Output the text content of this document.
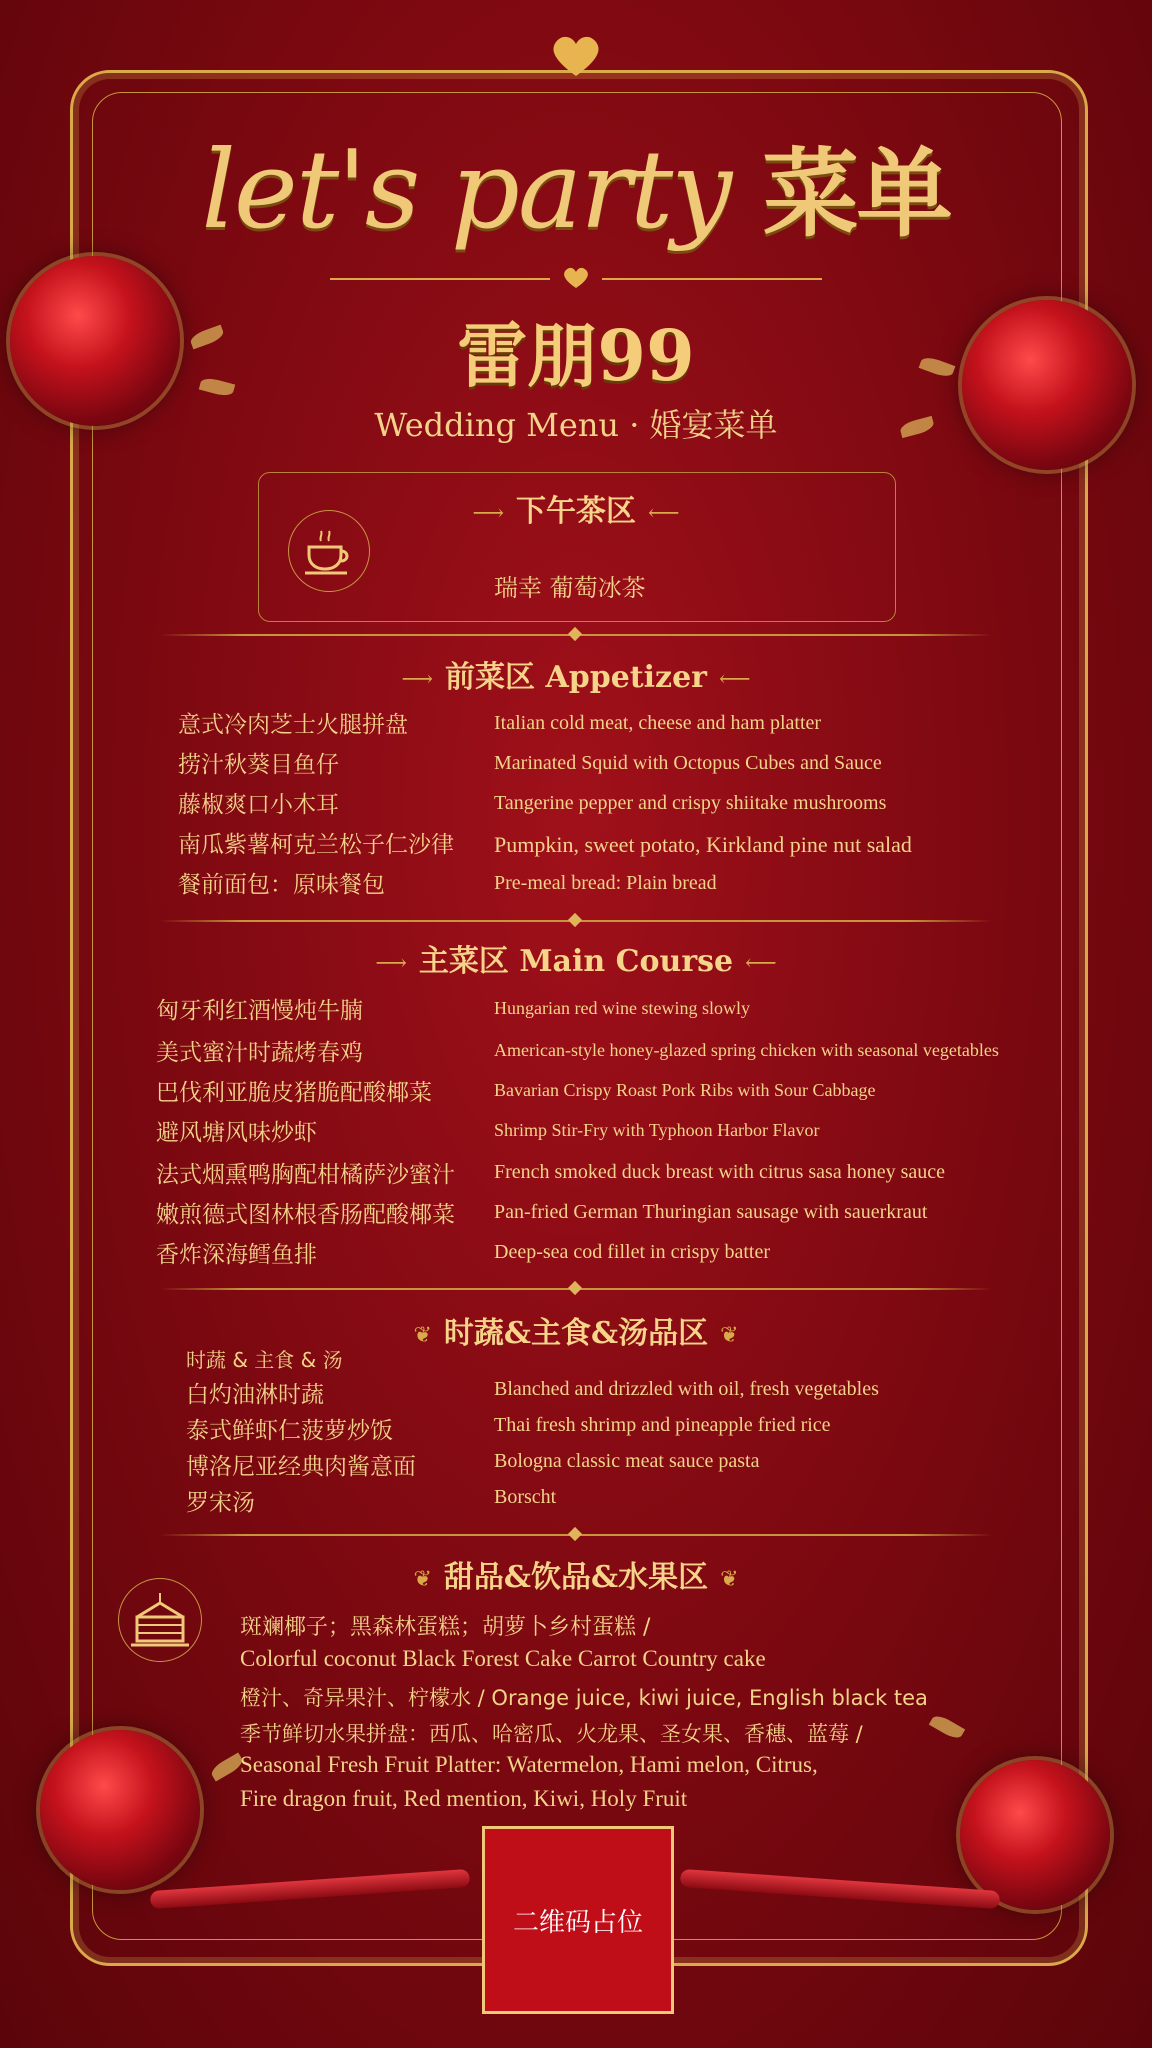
let's party 菜单
雷朋99
Wedding Menu · 婚宴菜单
⟶ 下午茶区 ⟵
瑞幸 葡萄冰茶
⟶ 前菜区 Appetizer ⟵
意式冷肉芝士火腿拼盘	Italian cold meat, cheese and ham platter
捞汁秋葵目鱼仔	Marinated Squid with Octopus Cubes and Sauce
藤椒爽口小木耳	Tangerine pepper and crispy shiitake mushrooms
南瓜紫薯柯克兰松子仁沙律 Pumpkin, sweet potato, Kirkland pine nut salad
餐前面包：原味餐包	Pre-meal bread: Plain bread
⟶ 主菜区 Main Course ⟵
匈牙利红酒慢炖牛腩	Hungarian red wine stewing slowly
美式蜜汁时蔬烤春鸡	American-style honey-glazed spring chicken with seasonal vegetables
巴伐利亚脆皮猪脆配酸椰菜	Bavarian Crispy Roast Pork Ribs with Sour Cabbage
避风塘风味炒虾	Shrimp Stir-Fry with Typhoon Harbor Flavor
法式烟熏鸭胸配柑橘萨沙蜜汁 French smoked duck breast with citrus sasa honey sauce
嫩煎德式图林根香肠配酸椰菜 Pan-fried German Thuringian sausage with sauerkraut
香炸深海鳕鱼排	Deep-sea cod fillet in crispy batter
❦ 时蔬&主食&汤品区 ❦
时蔬 & 主食 & 汤
白灼油淋时蔬	Blanched and drizzled with oil, fresh vegetables
泰式鲜虾仁菠萝炒饭	Thai fresh shrimp and pineapple fried rice
博洛尼亚经典肉酱意面	Bologna classic meat sauce pasta
罗宋汤	Borscht
❦ 甜品&饮品&水果区 ❦
斑斓椰子；黑森林蛋糕；胡萝卜乡村蛋糕 /
Colorful coconut Black Forest Cake Carrot Country cake
橙汁、奇异果汁、柠檬水 / Orange juice, kiwi juice, English black tea
季节鲜切水果拼盘：西瓜、哈密瓜、火龙果、圣女果、香穗、蓝莓 /
Seasonal Fresh Fruit Platter: Watermelon, Hami melon, Citrus,
Fire dragon fruit, Red mention, Kiwi, Holy Fruit
二维码占位
